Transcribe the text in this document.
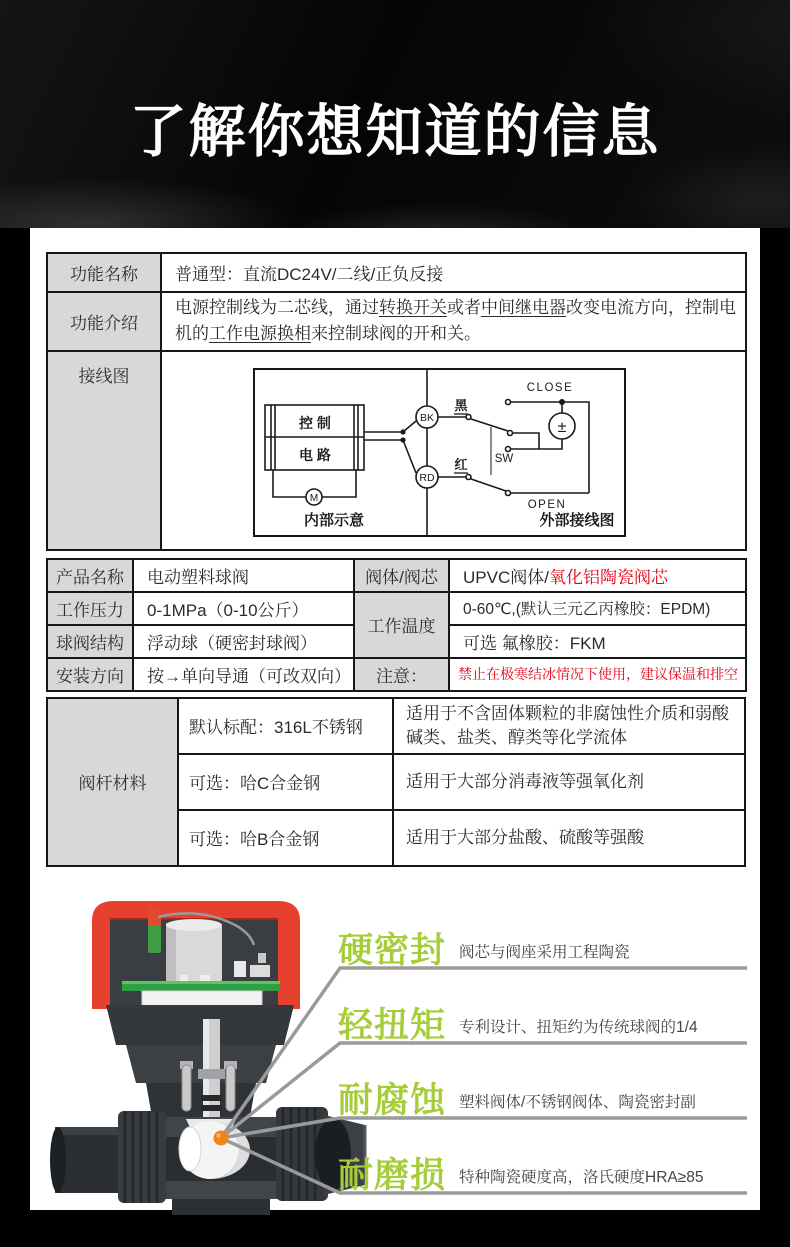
了解你想知道的信息
功能名称	普通型：直流DC24V/二线/正负反接
功能介绍	电源控制线为二芯线，通过转换开关或者中间继电器改变电流方向，控制电机的工作电源换相来控制球阀的开和关。
接线图	
控 制
电 路
M
BK
RD
黑
红
CLOSE
SW
OPEN
±
内部示意	外部接线图
产品名称	电动塑料球阀	阀体/阀芯	UPVC阀体/氧化铝陶瓷阀芯
工作压力	0-1MPa（0-10公斤）	工作温度	0-60℃,(默认三元乙丙橡胶：EPDM)
球阀结构	浮动球（硬密封球阀）		可选 氟橡胶：FKM
安装方向	按→单向导通（可改双向）	注意：	禁止在极寒结冰情况下使用，建议保温和排空
阀杆材料	默认标配：316L不锈钢	适用于不含固体颗粒的非腐蚀性介质和弱酸碱类、盐类、醇类等化学流体
	可选：哈C合金钢	适用于大部分消毒液等强氧化剂
	可选：哈B合金钢	适用于大部分盐酸、硫酸等强酸
硬密封 阀芯与阀座采用工程陶瓷
轻扭矩 专利设计、扭矩约为传统球阀的1/4
耐腐蚀 塑料阀体/不锈钢阀体、陶瓷密封副
耐磨损 特种陶瓷硬度高，洛氏硬度HRA≥85
